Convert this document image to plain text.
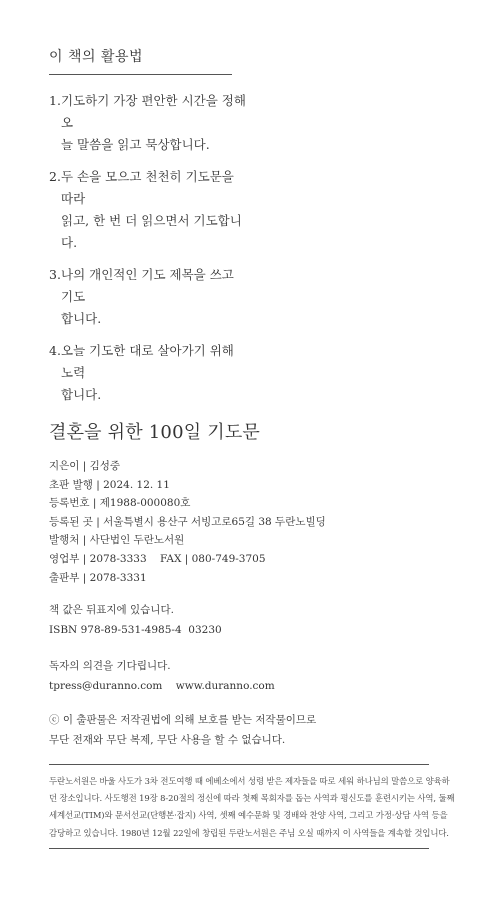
이 책의 활용법
1. 기도하기 가장 편안한 시간을 정해 오
늘 말씀을 읽고 묵상합니다.
2. 두 손을 모으고 천천히 기도문을 따라
읽고, 한 번 더 읽으면서 기도합니다.
3. 나의 개인적인 기도 제목을 쓰고 기도
합니다.
4. 오늘 기도한 대로 살아가기 위해 노력
합니다.
결혼을 위한 100일 기도문
지은이 | 김성중
초판 발행 | 2024. 12. 11
등록번호 | 제1988-000080호
등록된 곳 | 서울특별시 용산구 서빙고로65길 38 두란노빌딩
발행처 | 사단법인 두란노서원
영업부 | 2078-3333    FAX | 080-749-3705
출판부 | 2078-3331
책 값은 뒤표지에 있습니다.
ISBN 978-89-531-4985-4  03230
독자의 의견을 기다립니다.
tpress@duranno.com    www.duranno.com
ⓒ 이 출판물은 저작권법에 의해 보호를 받는 저작물이므로
무단 전재와 무단 복제, 무단 사용을 할 수 없습니다.
두란노서원은 바울 사도가 3차 전도여행 때 에베소에서 성령 받은 제자들을 따로 세워 하나님의 말씀으로 양육하
던 장소입니다. 사도행전 19장 8-20절의 정신에 따라 첫째 목회자를 돕는 사역과 평신도를 훈련시키는 사역, 둘째
세계선교(TIM)와 문서선교(단행본·잡지) 사역, 셋째 예수문화 및 경배와 찬양 사역, 그리고 가정·상담 사역 등을
감당하고 있습니다. 1980년 12월 22일에 창립된 두란노서원은 주님 오실 때까지 이 사역들을 계속할 것입니다.
